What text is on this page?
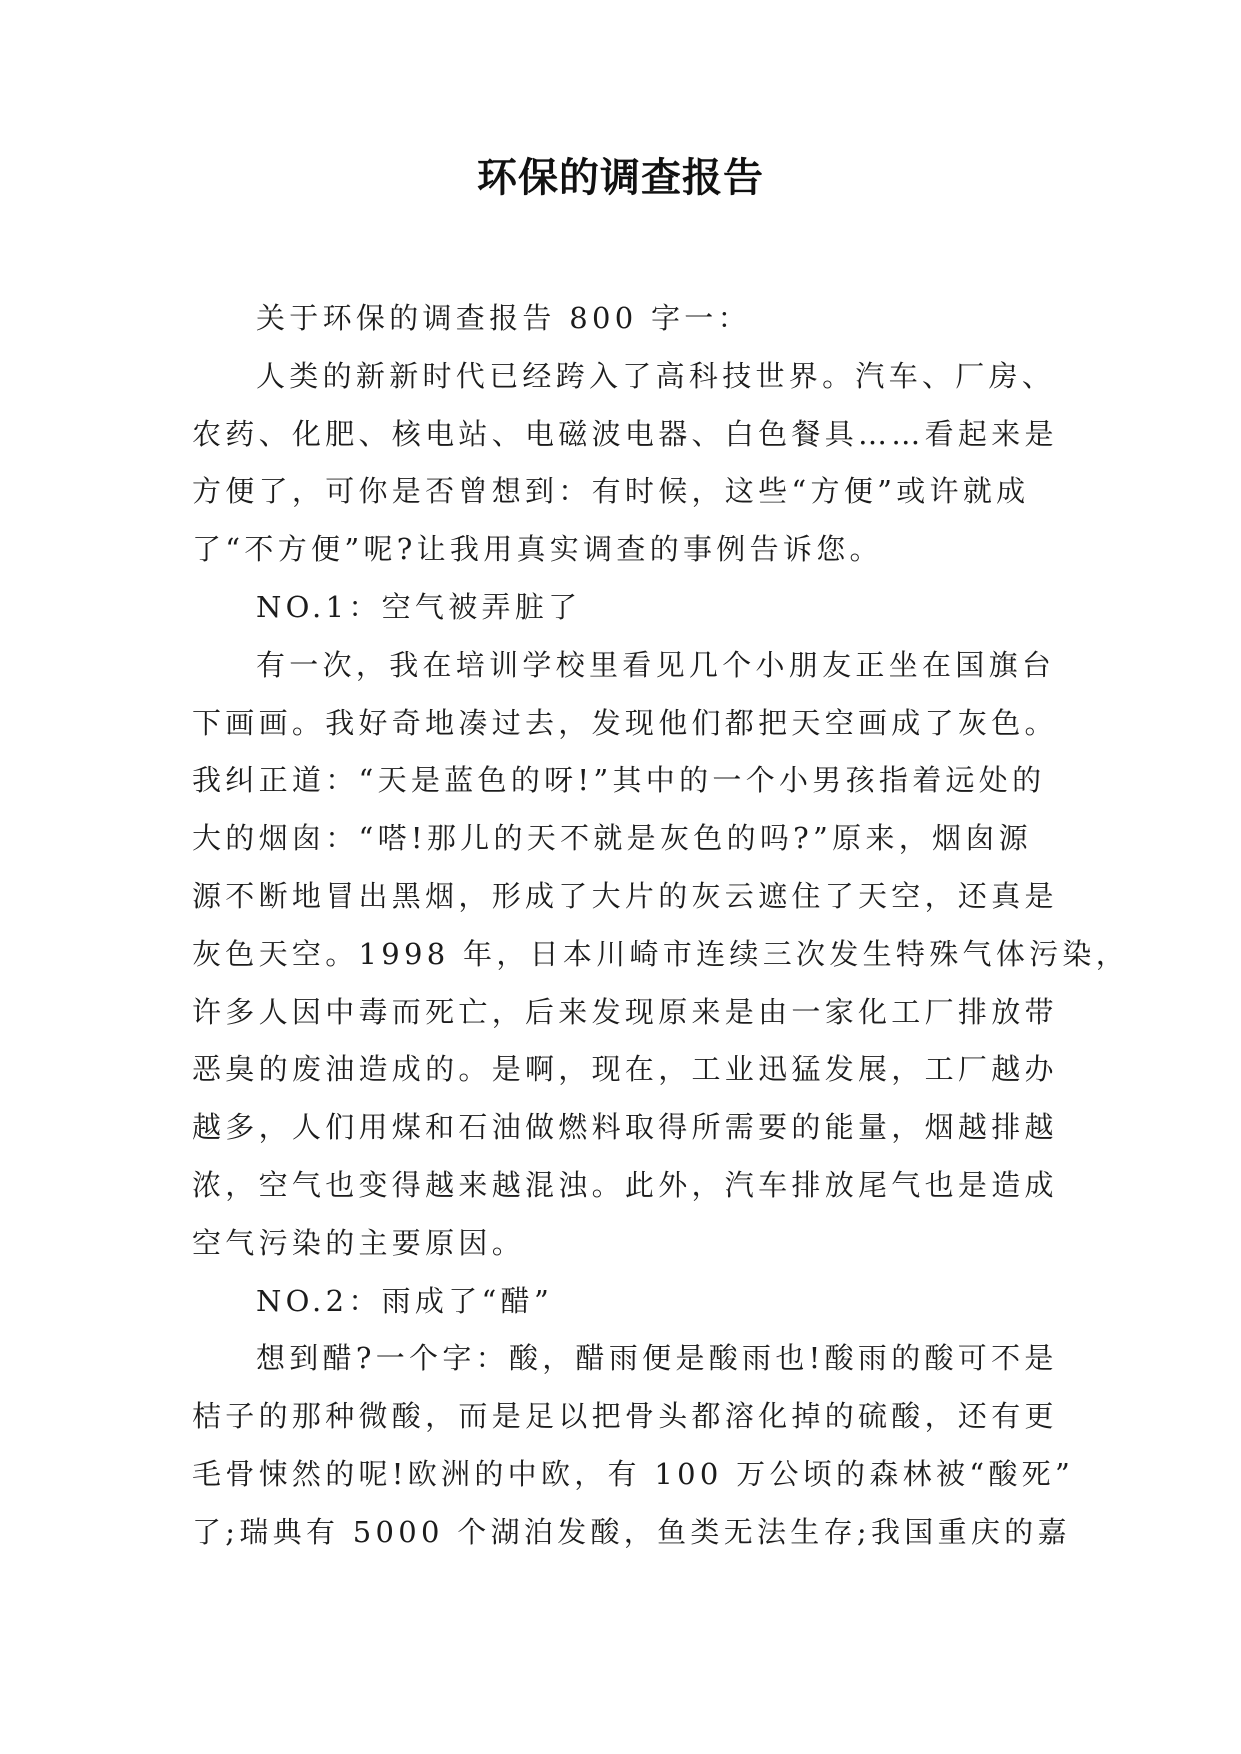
环保的调查报告
关于环保的调查报告 800 字一：
人类的新新时代已经跨入了高科技世界。汽车、厂房、
农药、化肥、核电站、电磁波电器、白色餐具……看起来是
方便了，可你是否曾想到：有时候，这些“方便”或许就成
了“不方便”呢?让我用真实调查的事例告诉您。
NO.1：空气被弄脏了
有一次，我在培训学校里看见几个小朋友正坐在国旗台
下画画。我好奇地凑过去，发现他们都把天空画成了灰色。
我纠正道：“天是蓝色的呀!”其中的一个小男孩指着远处的
大的烟囱：“嗒!那儿的天不就是灰色的吗?”原来，烟囱源
源不断地冒出黑烟，形成了大片的灰云遮住了天空，还真是
灰色天空。1998 年，日本川崎市连续三次发生特殊气体污染，
许多人因中毒而死亡，后来发现原来是由一家化工厂排放带
恶臭的废油造成的。是啊，现在，工业迅猛发展，工厂越办
越多，人们用煤和石油做燃料取得所需要的能量，烟越排越
浓，空气也变得越来越混浊。此外，汽车排放尾气也是造成
空气污染的主要原因。
NO.2：雨成了“醋”
想到醋?一个字：酸，醋雨便是酸雨也!酸雨的酸可不是
桔子的那种微酸，而是足以把骨头都溶化掉的硫酸，还有更
毛骨悚然的呢!欧洲的中欧，有 100 万公顷的森林被“酸死”
了;瑞典有 5000 个湖泊发酸，鱼类无法生存;我国重庆的嘉
